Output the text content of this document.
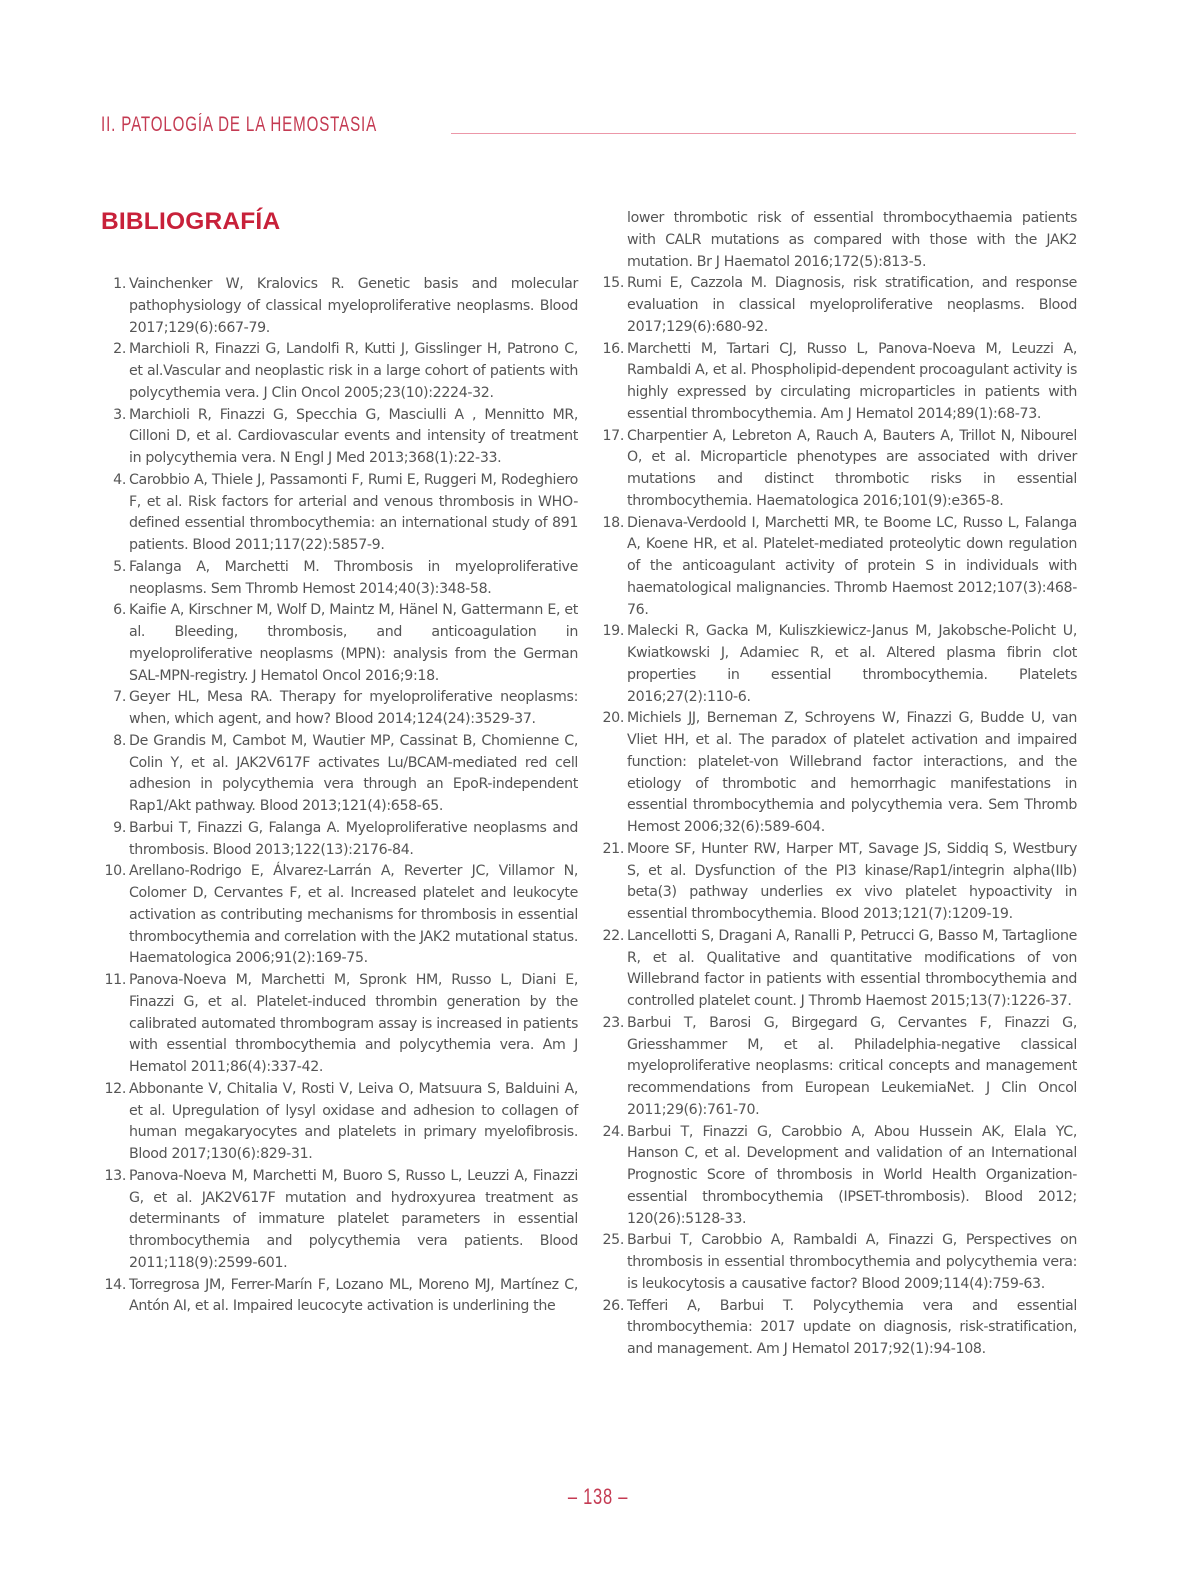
II. PATOLOGÍA DE LA HEMOSTASIA
BIBLIOGRAFÍA
1. Vainchenker W, Kralovics R. Genetic basis and molecular pathophysiology of classical myeloproliferative neoplasms. Blood 2017;129(6):667-79.
2. Marchioli R, Finazzi G, Landolfi R, Kutti J, Gisslinger H, Patrono C, et al.Vascular and neoplastic risk in a large cohort of patients with polycythemia vera. J Clin Oncol 2005;23(10):2224-32.
3. Marchioli R, Finazzi G, Specchia G, Masciulli A , Mennitto MR, Cilloni D, et al. Cardiovascular events and intensity of treatment in polycythemia vera. N Engl J Med 2013;368(1):22-33.
4. Carobbio A, Thiele J, Passamonti F, Rumi E, Ruggeri M, Rodeghiero F, et al. Risk factors for arterial and venous thrombosis in WHO-defined essential thrombocythemia: an international study of 891 patients. Blood 2011;117(22):5857-9.
5. Falanga A, Marchetti M. Thrombosis in myeloproliferative neoplasms. Sem Thromb Hemost 2014;40(3):348-58.
6. Kaifie A, Kirschner M, Wolf D, Maintz M, Hänel N, Gattermann E, et al. Bleeding, thrombosis, and anticoagulation in myeloproliferative neoplasms (MPN): analysis from the German SAL-MPN-registry. J Hematol Oncol 2016;9:18.
7. Geyer HL, Mesa RA. Therapy for myeloproliferative neoplasms: when, which agent, and how? Blood 2014;124(24):3529-37.
8. De Grandis M, Cambot M, Wautier MP, Cassinat B, Chomienne C, Colin Y, et al. JAK2V617F activates Lu/BCAM-mediated red cell adhesion in polycythemia vera through an EpoR-independent Rap1/Akt pathway. Blood 2013;121(4):658-65.
9. Barbui T, Finazzi G, Falanga A. Myeloproliferative neoplasms and thrombosis. Blood 2013;122(13):2176-84.
10. Arellano-Rodrigo E, Álvarez-Larrán A, Reverter JC, Villamor N, Colomer D, Cervantes F, et al. Increased platelet and leukocyte activation as contributing mechanisms for thrombosis in essential thrombocythemia and correlation with the JAK2 mutational status. Haematologica 2006;91(2):169-75.
11. Panova-Noeva M, Marchetti M, Spronk HM, Russo L, Diani E, Finazzi G, et al. Platelet-induced thrombin generation by the calibrated automated thrombogram assay is increased in patients with essential thrombocythemia and polycythemia vera. Am J Hematol 2011;86(4):337-42.
12. Abbonante V, Chitalia V, Rosti V, Leiva O, Matsuura S, Balduini A, et al. Upregulation of lysyl oxidase and adhesion to collagen of human megakaryocytes and platelets in primary myelofibrosis. Blood 2017;130(6):829-31.
13. Panova-Noeva M, Marchetti M, Buoro S, Russo L, Leuzzi A, Finazzi G, et al. JAK2V617F mutation and hydroxyurea treatment as determinants of immature platelet parameters in essential thrombocythemia and polycythemia vera patients. Blood 2011;118(9):2599-601.
14. Torregrosa JM, Ferrer-Marín F, Lozano ML, Moreno MJ, Martínez C, Antón AI, et al. Impaired leucocyte activation is underlining the
lower thrombotic risk of essential thrombocythaemia patients with CALR mutations as compared with those with the JAK2 mutation. Br J Haematol 2016;172(5):813-5.
15. Rumi E, Cazzola M. Diagnosis, risk stratification, and response evaluation in classical myeloproliferative neoplasms. Blood 2017;129(6):680-92.
16. Marchetti M, Tartari CJ, Russo L, Panova-Noeva M, Leuzzi A, Rambaldi A, et al. Phospholipid-dependent procoagulant activity is highly expressed by circulating microparticles in patients with essential thrombocythemia. Am J Hematol 2014;89(1):68-73.
17. Charpentier A, Lebreton A, Rauch A, Bauters A, Trillot N, Nibourel O, et al. Microparticle phenotypes are associated with driver mutations and distinct thrombotic risks in essential thrombocythemia. Haematologica 2016;101(9):e365-8.
18. Dienava-Verdoold I, Marchetti MR, te Boome LC, Russo L, Falanga A, Koene HR, et al. Platelet-mediated proteolytic down regulation of the anticoagulant activity of protein S in individuals with haematological malignancies. Thromb Haemost 2012;107(3):468-76.
19. Malecki R, Gacka M, Kuliszkiewicz-Janus M, Jakobsche-Policht U, Kwiatkowski J, Adamiec R, et al. Altered plasma fibrin clot properties in essential thrombocythemia. Platelets 2016;27(2):110-6.
20. Michiels JJ, Berneman Z, Schroyens W, Finazzi G, Budde U, van Vliet HH, et al. The paradox of platelet activation and impaired function: platelet-von Willebrand factor interactions, and the etiology of thrombotic and hemorrhagic manifestations in essential thrombocythemia and polycythemia vera. Sem Thromb Hemost 2006;32(6):589-604.
21. Moore SF, Hunter RW, Harper MT, Savage JS, Siddiq S, Westbury S, et al. Dysfunction of the PI3 kinase/Rap1/integrin alpha(IIb) beta(3) pathway underlies ex vivo platelet hypoactivity in essential thrombocythemia. Blood 2013;121(7):1209-19.
22. Lancellotti S, Dragani A, Ranalli P, Petrucci G, Basso M, Tartaglione R, et al. Qualitative and quantitative modifications of von Willebrand factor in patients with essential thrombocythemia and controlled platelet count. J Thromb Haemost 2015;13(7):1226-37.
23. Barbui T, Barosi G, Birgegard G, Cervantes F, Finazzi G, Griesshammer M, et al. Philadelphia-negative classical myeloproliferative neoplasms: critical concepts and management recommendations from European LeukemiaNet. J Clin Oncol 2011;29(6):761-70.
24. Barbui T, Finazzi G, Carobbio A, Abou Hussein AK, Elala YC, Hanson C, et al. Development and validation of an International Prognostic Score of thrombosis in World Health Organization-essential thrombocythemia (IPSET-thrombosis). Blood 2012; 120(26):5128-33.
25. Barbui T, Carobbio A, Rambaldi A, Finazzi G, Perspectives on thrombosis in essential thrombocythemia and polycythemia vera: is leukocytosis a causative factor? Blood 2009;114(4):759-63.
26. Tefferi A, Barbui T. Polycythemia vera and essential thrombocythemia: 2017 update on diagnosis, risk-stratification, and management. Am J Hematol 2017;92(1):94-108.
– 138 –
